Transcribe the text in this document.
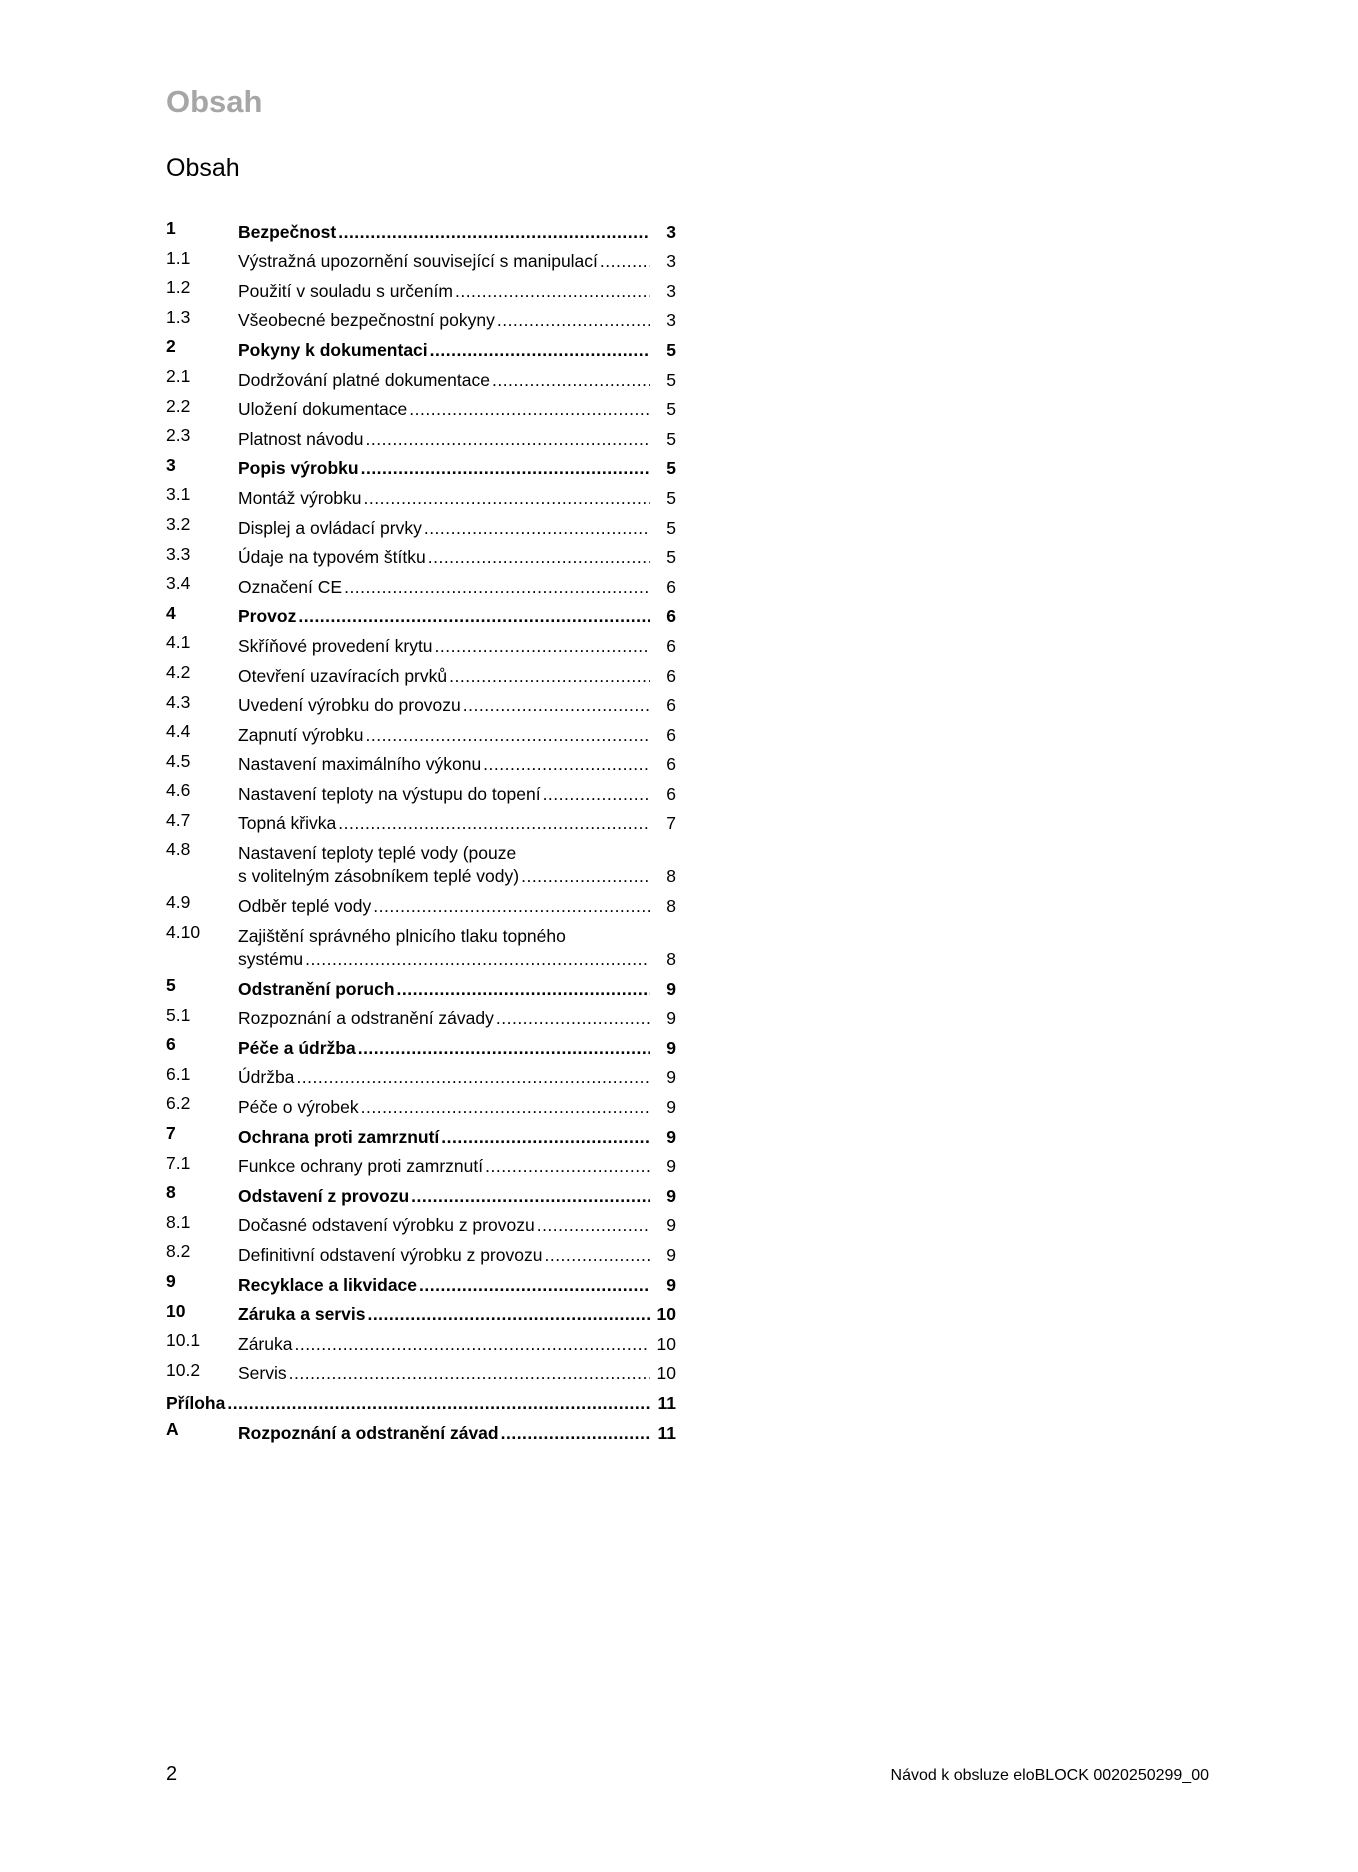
Obsah
Obsah
1	Bezpečnost .....	3
1.1	Výstražná upozornění související s manipulací .....	3
1.2	Použití v souladu s určením .....	3
1.3	Všeobecné bezpečnostní pokyny .....	3
2	Pokyny k dokumentaci .....	5
2.1	Dodržování platné dokumentace .....	5
2.2	Uložení dokumentace .....	5
2.3	Platnost návodu .....	5
3	Popis výrobku .....	5
3.1	Montáž výrobku .....	5
3.2	Displej a ovládací prvky .....	5
3.3	Údaje na typovém štítku .....	5
3.4	Označení CE .....	6
4	Provoz .....	6
4.1	Skříňové provedení krytu .....	6
4.2	Otevření uzavíracích prvků .....	6
4.3	Uvedení výrobku do provozu .....	6
4.4	Zapnutí výrobku .....	6
4.5	Nastavení maximálního výkonu .....	6
4.6	Nastavení teploty na výstupu do topení .....	6
4.7	Topná křivka .....	7
4.8	Nastavení teploty teplé vody (pouze
s volitelným zásobníkem teplé vody) .....	8
4.9	Odběr teplé vody .....	8
4.10	Zajištění správného plnicího tlaku topného
systému .....	8
5	Odstranění poruch .....	9
5.1	Rozpoznání a odstranění závady .....	9
6	Péče a údržba .....	9
6.1	Údržba .....	9
6.2	Péče o výrobek .....	9
7	Ochrana proti zamrznutí .....	9
7.1	Funkce ochrany proti zamrznutí .....	9
8	Odstavení z provozu .....	9
8.1	Dočasné odstavení výrobku z provozu .....	9
8.2	Definitivní odstavení výrobku z provozu .....	9
9	Recyklace a likvidace .....	9
10	Záruka a servis .....	10
10.1	Záruka .....	10
10.2	Servis .....	10
Příloha .....	11
A	Rozpoznání a odstranění závad .....	11
2	Návod k obsluze eloBLOCK 0020250299_00
